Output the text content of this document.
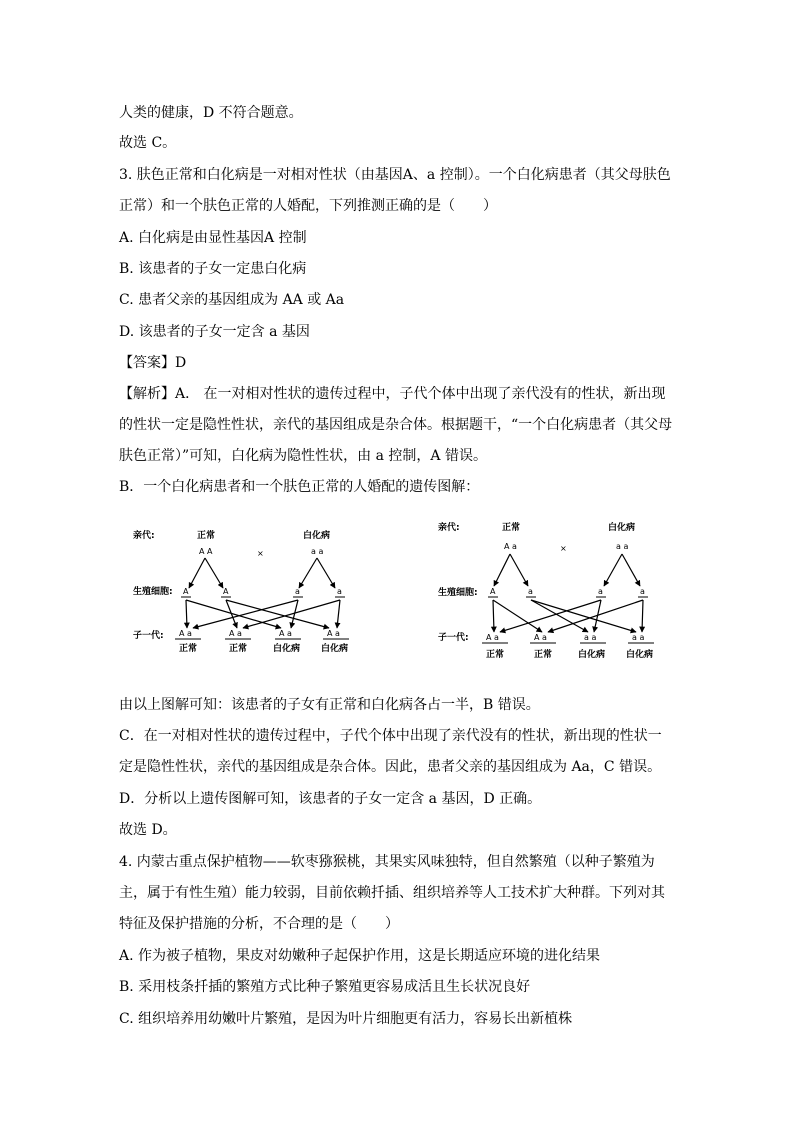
人类的健康，D 不符合题意。
故选 C。
3. 肤色正常和白化病是一对相对性状（由基因A、a 控制）。一个白化病患者（其父母肤色
正常）和一个肤色正常的人婚配，下列推测正确的是（　　）
A. 白化病是由显性基因A 控制
B. 该患者的子女一定患白化病
C. 患者父亲的基因组成为 AA 或 Aa
D. 该患者的子女一定含 a 基因
【答案】D
【解析】A． 在一对相对性状的遗传过程中，子代个体中出现了亲代没有的性状，新出现
的性状一定是隐性性状，亲代的基因组成是杂合体。根据题干，“一个白化病患者（其父母
肤色正常）”可知，白化病为隐性性状，由 a 控制，A 错误。
B．一个白化病患者和一个肤色正常的人婚配的遗传图解：
亲代:	正常	白化病
A A	a a
×
生殖细胞: A	A	a	a
子一代: A a	A a	A a	A a
正常	正常	白化病 白化病
亲代:	正常	白化病
A a	a a
×
生殖细胞: A	a	a	a
子一代: A a	A a	a a	a a
正常	正常	白化病 白化病
由以上图解可知：该患者的子女有正常和白化病各占一半，B 错误。
C．在一对相对性状的遗传过程中，子代个体中出现了亲代没有的性状，新出现的性状一
定是隐性性状，亲代的基因组成是杂合体。因此，患者父亲的基因组成为 Aa，C 错误。
D．分析以上遗传图解可知，该患者的子女一定含 a 基因，D 正确。
故选 D。
4. 内蒙古重点保护植物——软枣猕猴桃，其果实风味独特，但自然繁殖（以种子繁殖为
主，属于有性生殖）能力较弱，目前依赖扦插、组织培养等人工技术扩大种群。下列对其
特征及保护措施的分析，不合理的是（　　）
A. 作为被子植物，果皮对幼嫩种子起保护作用，这是长期适应环境的进化结果
B. 采用枝条扦插的繁殖方式比种子繁殖更容易成活且生长状况良好
C. 组织培养用幼嫩叶片繁殖，是因为叶片细胞更有活力，容易长出新植株
